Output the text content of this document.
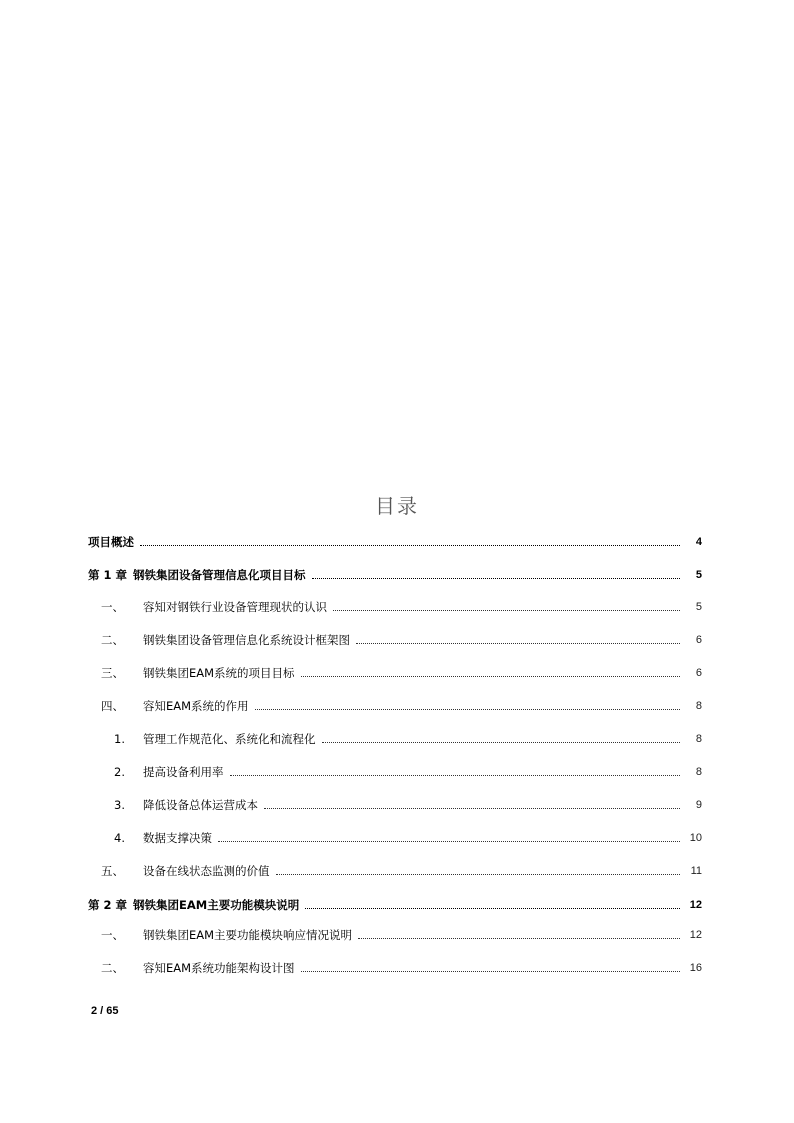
目录
项目概述	4
第 1 章 钢铁集团设备管理信息化项目目标	5
一、	容知对钢铁行业设备管理现状的认识	5
二、	钢铁集团设备管理信息化系统设计框架图	6
三、	钢铁集团EAM系统的项目目标	6
四、	容知EAM系统的作用	8
1.	管理工作规范化、系统化和流程化	8
2.	提高设备利用率	8
3.	降低设备总体运营成本	9
4.	数据支撑决策	10
五、	设备在线状态监测的价值	11
第 2 章 钢铁集团EAM主要功能模块说明	12
一、	钢铁集团EAM主要功能模块响应情况说明	12
二、	容知EAM系统功能架构设计图	16
2 / 65
